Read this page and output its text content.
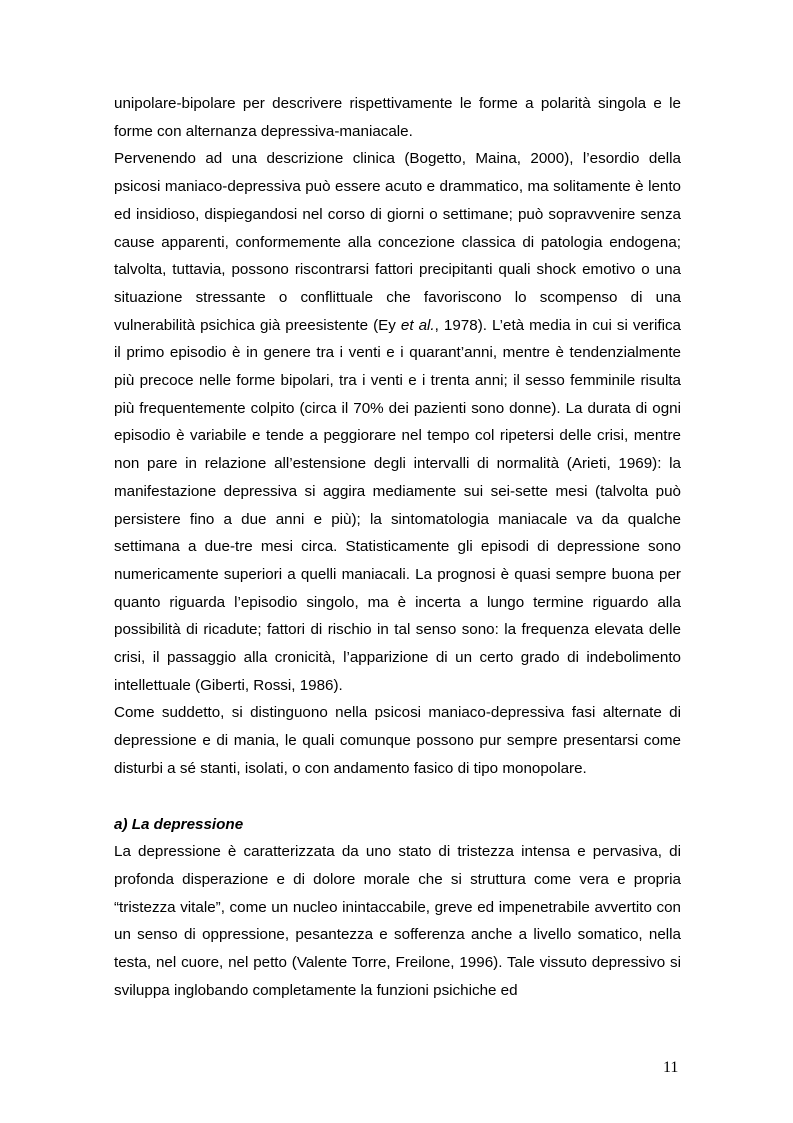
unipolare-bipolare per descrivere rispettivamente le forme a polarità singola e le forme con alternanza depressiva-maniacale.

Pervenendo ad una descrizione clinica (Bogetto, Maina, 2000), l’esordio della psicosi maniaco-depressiva può essere acuto e drammatico, ma solitamente è lento ed insidioso, dispiegandosi nel corso di giorni o settimane; può sopravvenire senza cause apparenti, conformemente alla concezione classica di patologia endogena; talvolta, tuttavia, possono riscontrarsi fattori precipitanti quali shock emotivo o una situazione stressante o conflittuale che favoriscono lo scompenso di una vulnerabilità psichica già preesistente (Ey et al., 1978). L’età media in cui si verifica il primo episodio è in genere tra i venti e i quarant’anni, mentre è tendenzialmente più precoce nelle forme bipolari, tra i venti e i trenta anni; il sesso femminile risulta più frequentemente colpito (circa il 70% dei pazienti sono donne). La durata di ogni episodio è variabile e tende a peggiorare nel tempo col ripetersi delle crisi, mentre non pare in relazione all’estensione degli intervalli di normalità (Arieti, 1969): la manifestazione depressiva si aggira mediamente sui sei-sette mesi (talvolta può persistere fino a due anni e più); la sintomatologia maniacale va da qualche settimana a due-tre mesi circa. Statisticamente gli episodi di depressione sono numericamente superiori a quelli maniacali. La prognosi è quasi sempre buona per quanto riguarda l’episodio singolo, ma è incerta a lungo termine riguardo alla possibilità di ricadute; fattori di rischio in tal senso sono: la frequenza elevata delle crisi, il passaggio alla cronicità, l’apparizione di un certo grado di indebolimento intellettuale (Giberti, Rossi, 1986).

Come suddetto, si distinguono nella psicosi maniaco-depressiva fasi alternate di depressione e di mania, le quali comunque possono pur sempre presentarsi come disturbi a sé stanti, isolati, o con andamento fasico di tipo monopolare.

a) La depressione

La depressione è caratterizzata da uno stato di tristezza intensa e pervasiva, di profonda disperazione e di dolore morale che si struttura come vera e propria “tristezza vitale”, come un nucleo inintaccabile, greve ed impenetrabile avvertito con un senso di oppressione, pesantezza e sofferenza anche a livello somatico, nella testa, nel cuore, nel petto (Valente Torre, Freilone, 1996). Tale vissuto depressivo si sviluppa inglobando completamente la funzioni psichiche ed

11
